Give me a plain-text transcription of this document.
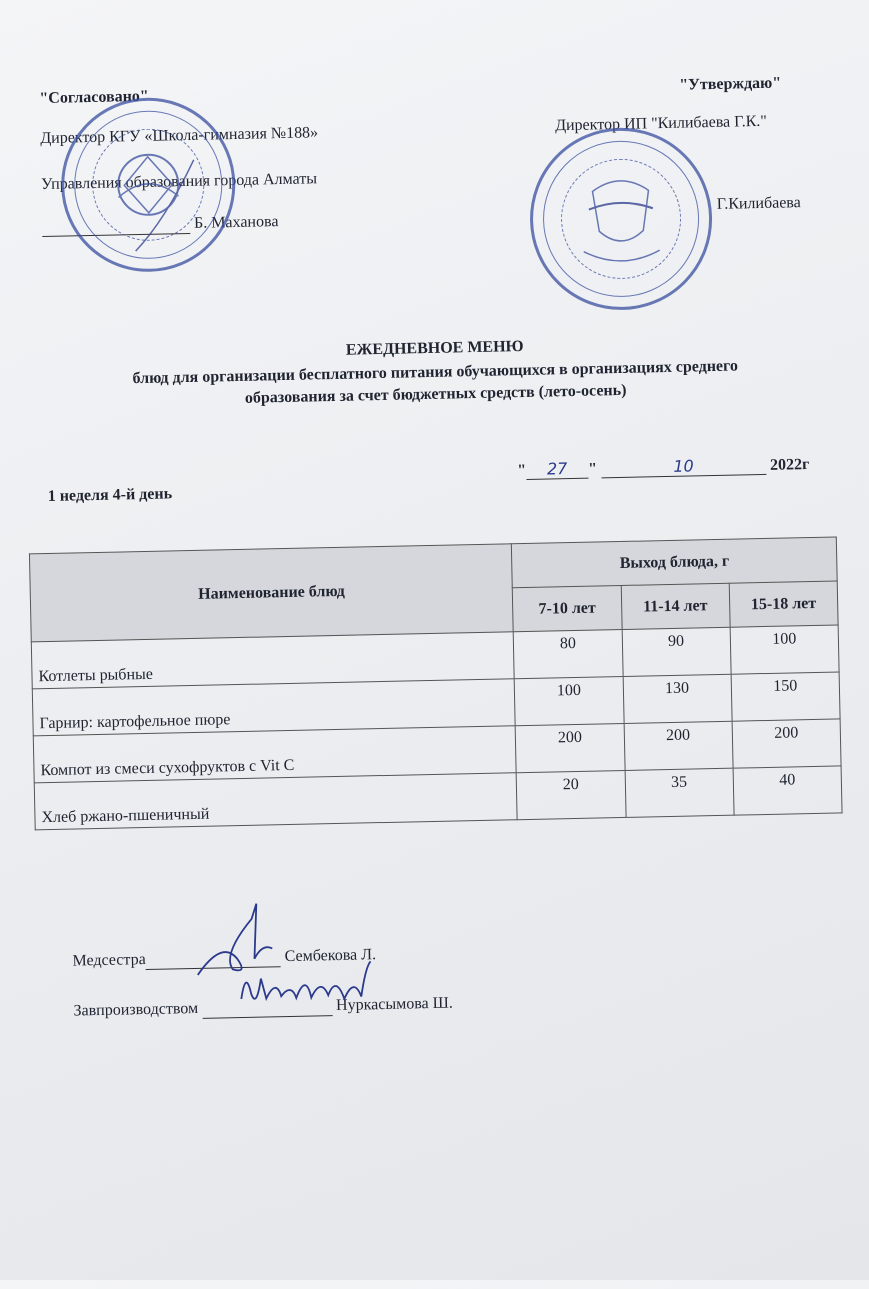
"Согласовано"
Директор КГУ «Школа-гимназия №188»
Управления образования города Алматы
Б. Маханова
"Утверждаю"
Директор ИП "Килибаева Г.К."
Г.Килибаева
ЕЖЕДНЕВНОЕ МЕНЮ
блюд для организации бесплатного питания обучающихся в организациях среднего
образования за счет бюджетных средств (лето-осень)
1 неделя 4-й день
" 27 "	10	2022г
Наименование блюд	Выход блюда, г		
	7-10 лет	11-14 лет	15-18 лет
Котлеты рыбные	80	90	100
Гарнир: картофельное пюре	100	130	150
Компот из смеси сухофруктов с Vit C	200	200	200
Хлеб ржано-пшеничный	20	35	40
Медсестра	Сембекова Л.
Завпроизводством	Нуркасымова Ш.
